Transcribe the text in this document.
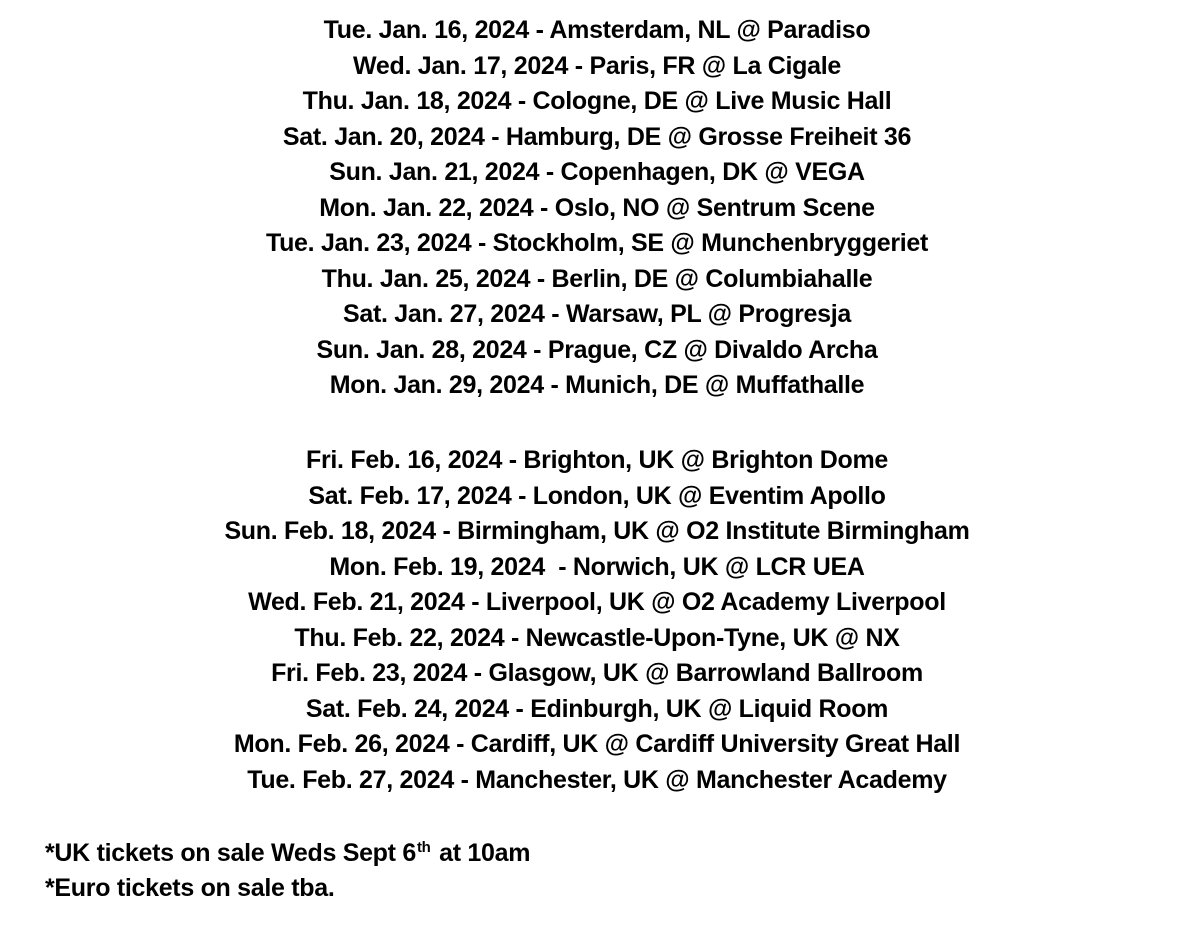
Tue. Jan. 16, 2024 - Amsterdam, NL @ Paradiso
Wed. Jan. 17, 2024 - Paris, FR @ La Cigale
Thu. Jan. 18, 2024 - Cologne, DE @ Live Music Hall
Sat. Jan. 20, 2024 - Hamburg, DE @ Grosse Freiheit 36
Sun. Jan. 21, 2024 - Copenhagen, DK @ VEGA
Mon. Jan. 22, 2024 - Oslo, NO @ Sentrum Scene
Tue. Jan. 23, 2024 - Stockholm, SE @ Munchenbryggeriet
Thu. Jan. 25, 2024 - Berlin, DE @ Columbiahalle
Sat. Jan. 27, 2024 - Warsaw, PL @ Progresja
Sun. Jan. 28, 2024 - Prague, CZ @ Divaldo Archa
Mon. Jan. 29, 2024 - Munich, DE @ Muffathalle
Fri. Feb. 16, 2024 - Brighton, UK @ Brighton Dome
Sat. Feb. 17, 2024 - London, UK @ Eventim Apollo
Sun. Feb. 18, 2024 - Birmingham, UK @ O2 Institute Birmingham
Mon. Feb. 19, 2024  - Norwich, UK @ LCR UEA
Wed. Feb. 21, 2024 - Liverpool, UK @ O2 Academy Liverpool
Thu. Feb. 22, 2024 - Newcastle-Upon-Tyne, UK @ NX
Fri. Feb. 23, 2024 - Glasgow, UK @ Barrowland Ballroom
Sat. Feb. 24, 2024 - Edinburgh, UK @ Liquid Room
Mon. Feb. 26, 2024 - Cardiff, UK @ Cardiff University Great Hall
Tue. Feb. 27, 2024 - Manchester, UK @ Manchester Academy
*UK tickets on sale Weds Sept 6th at 10am
*Euro tickets on sale tba.
